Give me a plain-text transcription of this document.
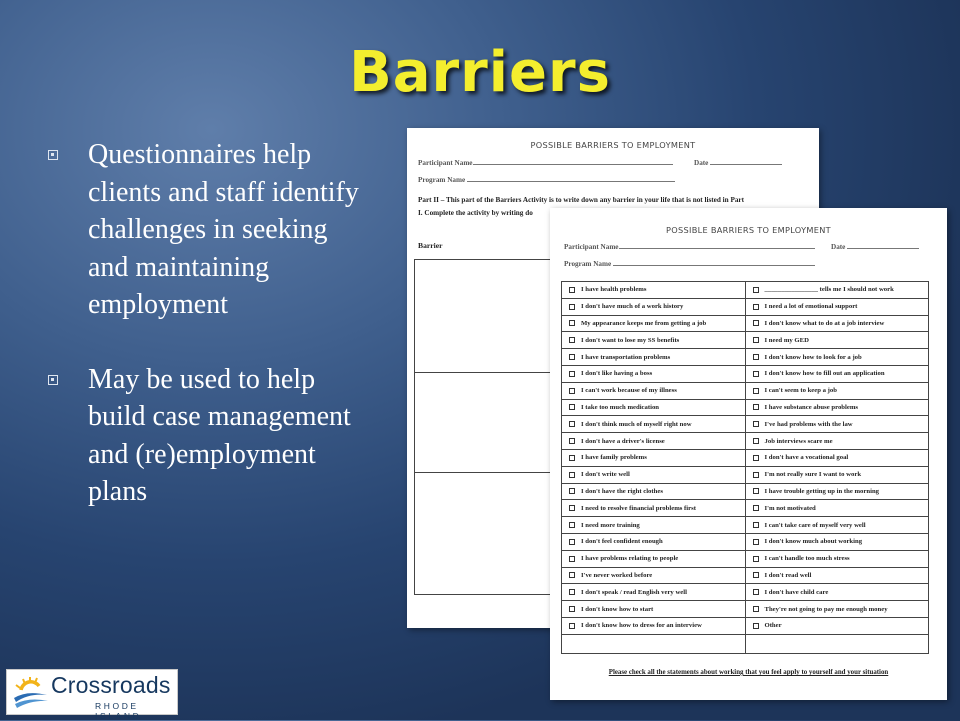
Barriers
Questionnaires help clients and staff identify challenges in seeking and maintaining employment
May be used to help build case management and (re)employment plans
POSSIBLE BARRIERS TO EMPLOYMENT
Participant Name	Date
Program Name
Part II – This part of the Barriers Activity is to write down any barrier in your life that is not listed in Part
I. Complete the activity by writing do
Barrier
POSSIBLE BARRIERS TO EMPLOYMENT
Participant Name	Date
Program Name
I have health problems	________________ tells me I should not work
I don't have much of a work history	I need a lot of emotional support
My appearance keeps me from getting a job	I don't know what to do at a job interview
I don't want to lose my SS benefits	I need my GED
I have transportation problems	I don't know how to look for a job
I don't like having a boss	I don't know how to fill out an application
I can't work because of my illness	I can't seem to keep a job
I take too much medication	I have substance abuse problems
I don't think much of myself right now	I've had problems with the law
I don't have a driver's license	Job interviews scare me
I have family problems	I don't have a vocational goal
I don't write well	I'm not really sure I want to work
I don't have the right clothes	I have trouble getting up in the morning
I need to resolve financial problems first	I'm not motivated
I need more training	I can't take care of myself very well
I don't feel confident enough	I don't know much about working
I have problems relating to people	I can't handle too much stress
I've never worked before	I don't read well
I don't speak / read English very well	I don't have child care
I don't know how to start	They're not going to pay me enough money
I don't know how to dress for an interview	Other

Please check all the statements about working that you feel apply to yourself and your situation
Crossroads
RHODE ISLAND
